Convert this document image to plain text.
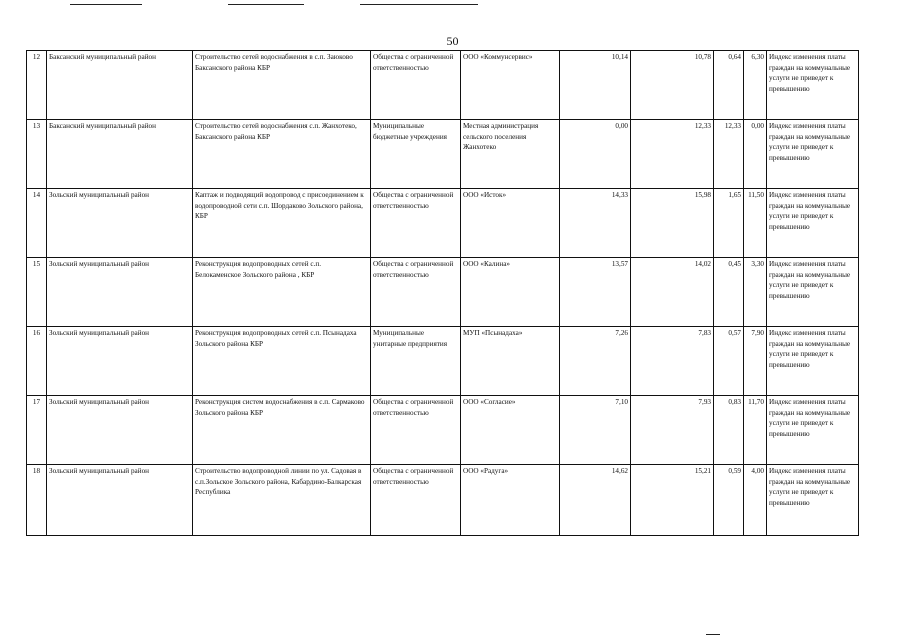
50
12	Баксанский муниципальный район	Строительство сетей водоснабжения в с.п. Заюково Баксанского района КБР	Общества с ограниченной ответственностью	ООО «Коммунсервис»	10,14	10,78	0,64	6,30	Индекс изменения платы граждан на коммунальные услуги не приведет к превышению
13	Баксанский муниципальный район	Строительство сетей водоснабжения с.п. Жанхотеко, Баксанского района КБР	Муниципальные бюджетные учреждения	Местная администрация сельского поселения Жанхотеко	0,00	12,33	12,33	0,00	Индекс изменения платы граждан на коммунальные услуги не приведет к превышению
14	Зольский муниципальный район	Каптаж и подводящий водопровод с присоединением к водопроводной сети с.п. Шордаково Зольского района, КБР	Общества с ограниченной ответственностью	ООО «Исток»	14,33	15,98	1,65	11,50	Индекс изменения платы граждан на коммунальные услуги не приведет к превышению
15	Зольский муниципальный район	Реконструкция водопроводных сетей с.п. Белокаменское Зольского района , КБР	Общества с ограниченной ответственностью	ООО «Калина»	13,57	14,02	0,45	3,30	Индекс изменения платы граждан на коммунальные услуги не приведет к превышению
16	Зольский муниципальный район	Реконструкция водопроводных сетей с.п. Псынадаха Зольского района КБР	Муниципальные унитарные предприятия	МУП «Псынадаха»	7,26	7,83	0,57	7,90	Индекс изменения платы граждан на коммунальные услуги не приведет к превышению
17	Зольский муниципальный район	Реконструкция систем водоснабжения в с.п. Сармаково Зольского района КБР	Общества с ограниченной ответственностью	ООО «Согласие»	7,10	7,93	0,83	11,70	Индекс изменения платы граждан на коммунальные услуги не приведет к превышению
18	Зольский муниципальный район	Строительство водопроводной линии по ул. Садовая в с.п.Зольское Зольского района, Кабардино-Балкарская Республика	Общества с ограниченной ответственностью	ООО «Радуга»	14,62	15,21	0,59	4,00	Индекс изменения платы граждан на коммунальные услуги не приведет к превышению
